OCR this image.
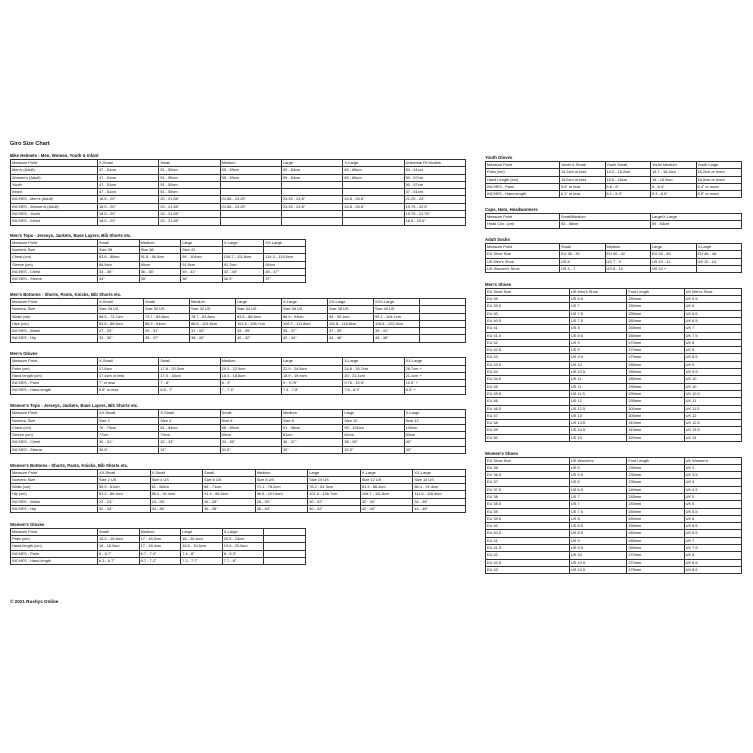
Giro Size Chart
Bike Helmets - Men, Women, Youth & Infant
Measure Point	X-Small	Small	Medium	Large	X-Large	Universal Fit Models
Men's (Adult)	47 - 51cm	51 - 55cm	55 - 59cm	59 - 63cm	63 - 65cm	54 - 61cm
Women's (Adult)	47 - 51cm	51 - 55cm	55 - 59cm	59 - 63cm	63 - 65cm	50 - 57cm
Youth	47 - 51cm	51 - 55cm				50 - 57cm
Infant	47 - 51cm	51 - 55cm				47 - 51cm
INCHES - Men's (Adult)	18.5 - 20"	20 - 21.65"	21.65 - 23.25"	23.25 - 24.8"	24.8 - 25.6"	21.25 - 24"
INCHES - Women's (Adult)	18.5 - 20"	20 - 21.65"	21.65 - 23.25"	23.25 - 24.8"	24.8 - 25.6"	19.75 - 22.5"
INCHES - Youth	18.5 - 20"	20 - 21.65"				19.75 - 21.75"
INCHES - Infant	18.5 - 20"	20 - 21.65"				18.5 - 20.5"
Men's Tops - Jerseys, Jackets, Base Layers, Bib Shorts etc.
Measure Point	Small	Medium	Large	X-Large	XX-Large
Numeric Size	Size 35	Size 38	Size 41		
Chest (cm)	83.8 - 88cm	91.5 - 96.5cm	99 - 104cm	106.7 - 111.8cm	114.3 - 119.5cm
Sleeve (cm)	86.5cm	89cm	91.5cm	92.7cm	94cm
INCHES - Chest	33 - 35"	36 - 38"	39 - 41"	42 - 44"	45 - 47"
INCHES - Sleeve	34"	35"	36"	36.5"	37"
Men's Bottoms - Shorts, Pants, Knicks, Bib Shorts etc.
Measure Point	X-Small	Small	Medium	Large	X-Large	XX-Large	XXX-Large	
Numeric Size	Size 28 US	Size 30 US	Size 32 US	Size 34 US	Size 36 US	Size 38 US	Size 40 US	
Waist (cm)	68.5 - 73.7cm	73.7 - 83.8cm	78.7 - 83.8cm	83.8 - 88.9cm	86.9 - 94cm	94 - 99.1cm	99.1 - 104.1cm	
Hips (cm)	83.8 - 88.9cm	88.9 - 94cm	96.5 - 101.6cm	101.6 - 106.7cm	106.7 - 111.8cm	111.8 - 116.8cm	116.8 - 122.9cm	
INCHES - Waist	27 - 29"	29 - 31"	31 - 33"	33 - 35"	35 - 37"	37 - 39"	39 - 41"	
INCHES - Hip	33 - 35"	35 - 37"	38 - 40"	40 - 42"	42 - 44"	44 - 46"	46 - 48"	
Men's Gloves
Measure Point	X-Small	Small	Medium	Large	X-Large	XX-Large
Palm (cm)	17.6cm	17.8 - 20.3cm	20.3 - 22.9cm	22.9 - 24.8cm	24.8 - 26.7cm	26.7cm +
Hand length (cm)	17.4cm or less	17.4 - 18cm	18.3 - 18.8cm	18.9 - 19.9cm	20 - 21.1cm	21.1cm +
INCHES - Palm	7" or less	7 - 8"	8 - 9"	9 - 9.75"	9.75 - 10.5"	10.5" +
INCHES - Hand length	6.8" or less	6.8 - 7"	7 - 7.4"	7.4 - 7.8"	7.8 - 8.3"	8.3" +
Women's Tops - Jerseys, Jackets, Base Layers, Bib Shorts etc.
Measure Point	XX-Small	X-Small	Small	Medium	Large	X-Large
Numeric Size	Size 2	Size 4	Size 6	Size 8	Size 10	Size 12
Chest (cm)	76 - 79cm	81 - 84cm	86 - 89cm	91 - 96cm	99 - 104cm	105cm
Sleeve (cm)	77cm	79cm	80cm	81cm	82cm	83cm
INCHES - Chest	30 - 31"	32 - 33"	34 - 35"	36 - 37"	38 - 39"	40"
INCHES - Sleeve	30.5"	31"	31.5"	32"	32.5"	33"
Women's Bottoms - Shorts, Pants, Knicks, Bib Shorts etc.
Measure Point	XX-Small	X-Small	Small	Medium	Large	X-Large	XX-Large
Numeric Size	Size 2 US	Size 4 US	Size 6 US	Size 8 US	Size 10 US	Size 12 US	Size 14 US
Waist (cm)	55.9 - 61cm	61 - 66cm	66 - 71cm	71.1 - 76.2cm	76.2 - 81.3cm	81.3 - 86.4cm	86.4 - 91.4cm
Hip (cm)	81.3 - 86.4cm	86.4 - 91.4cm	91.4 - 96.5cm	96.5 - 101.6cm	101.6 - 106.7cm	106.7 - 111.8cm	111.8 - 116.8cm
INCHES - Waist	22 - 24"	24 - 26"	26 - 28"	28 - 30"	30 - 32"	32 - 34"	34 - 36"
INCHES - Hip	32 - 34"	34 - 36"	36 - 38"	38 - 40"	40 - 42"	42 - 44"	44 - 46"
Women's Gloves
Measure Point	Small	Medium	Large	X-Large	
Palm (cm)	15.2 - 16.5cm	17 - 18.0cm	18 - 20.4cm	20.5 - 23cm	
Hand length (cm)	16 - 16.5cm	17 - 18.4cm	18.5 - 19.5cm	19.6 - 20.5cm	
INCHES - Palm	6 - 6.7"	6.7 - 7.4"	7.4 - 8"	8 - 8.3"	
INCHES - Hand length	6.3 - 6.7"	6.7 - 7.2"	7.3 - 7.7"	7.7 - 8"	
Youth Gloves
Measure Point	Youth X-Small	Youth Small	Youth Medium	Youth Large
Palm (cm)	14.2cm or less	14.2 - 15.2cm	15.7 - 16.2cm	16.2cm or more
Hand Length (cm)	15.5cm or less	15.5 - 16cm	16 - 16.5cm	16.5cm or more
INCHES - Palm	5.6" or less	5.6 - 6"	6 - 6.4"	6.4" or more
INCHES - Hand length	6.1" or less	6.1 - 6.3"	6.3 - 6.5"	6.5" or more
Caps, Hats, Headwarmers
Measure Point	Small/Medium	Large/X-Large
Head Circ. (cm)	53 - 58cm	59 - 63cm
Adult Socks
Measure Point	Small	Medium	Large	X-Large
EU Shoe Size	EU 36 - 39	EU 40 - 42	EU 43 - 45	EU 46 - 48
US Men's Shoe	US 6	US 7 - 9	US 10 - 11	US 12 - 14
US Women's Shoe	US 5 - 7	US 8 - 10	US 10 +	
Men's Shoes
EU Shoe Size	US Men's Shoe	Foot Length	UK Men's Shoe
EU 39	US 6.5	250mm	UK 5.5
EU 39.5	US 7	250mm	UK 6
EU 40	US 7.5	255mm	UK 6.5
EU 40.5	US 7.5	260mm	UK 6.5
EU 41	US 8	265mm	UK 7
EU 41.5	US 8.5	265mm	UK 7.5
EU 42	US 9	270mm	UK 8
EU 42.5	US 9	270mm	UK 8
EU 43	US 9.5	275mm	UK 8.5
EU 43.5	US 10	280mm	UK 9
EU 44	US 10.5	285mm	UK 9.5
EU 44.5	US 11	285mm	UK 10
EU 45	US 11	290mm	UK 10
EU 45.5	US 11.5	290mm	UK 10.5
EU 46	US 12	295mm	UK 11
EU 46.5	US 12.5	300mm	UK 11.5
EU 47	US 13	305mm	UK 12
EU 48	US 13.5	310mm	UK 12.5
EU 49	US 14.5	315mm	UK 13.5
EU 50	US 15	320mm	UK 14
Women's Shoes
EU Shoe Size	US Women's	Foot Length	UK Women's
EU 36	US 5	230mm	UK 3
EU 36.5	US 5.5	230mm	UK 3.5
EU 37	US 6	235mm	UK 4
EU 37.5	US 6.5	240mm	UK 4.5
EU 38	US 7	245mm	UK 5
EU 38.5	US 7	245mm	UK 5
EU 39	US 7.5	250mm	UK 5.5
EU 39.5	US 8	250mm	UK 6
EU 40	US 8.5	255mm	UK 6.5
EU 40.5	US 8.5	260mm	UK 6.5
EU 41	US 9	265mm	UK 7
EU 41.5	US 9.5	265mm	UK 7.5
EU 42	US 10	270mm	UK 8
EU 42.5	US 10.5	270mm	UK 8.5
EU 43	US 10.5	275mm	UK 8.5
© 2021 Rushys Online
